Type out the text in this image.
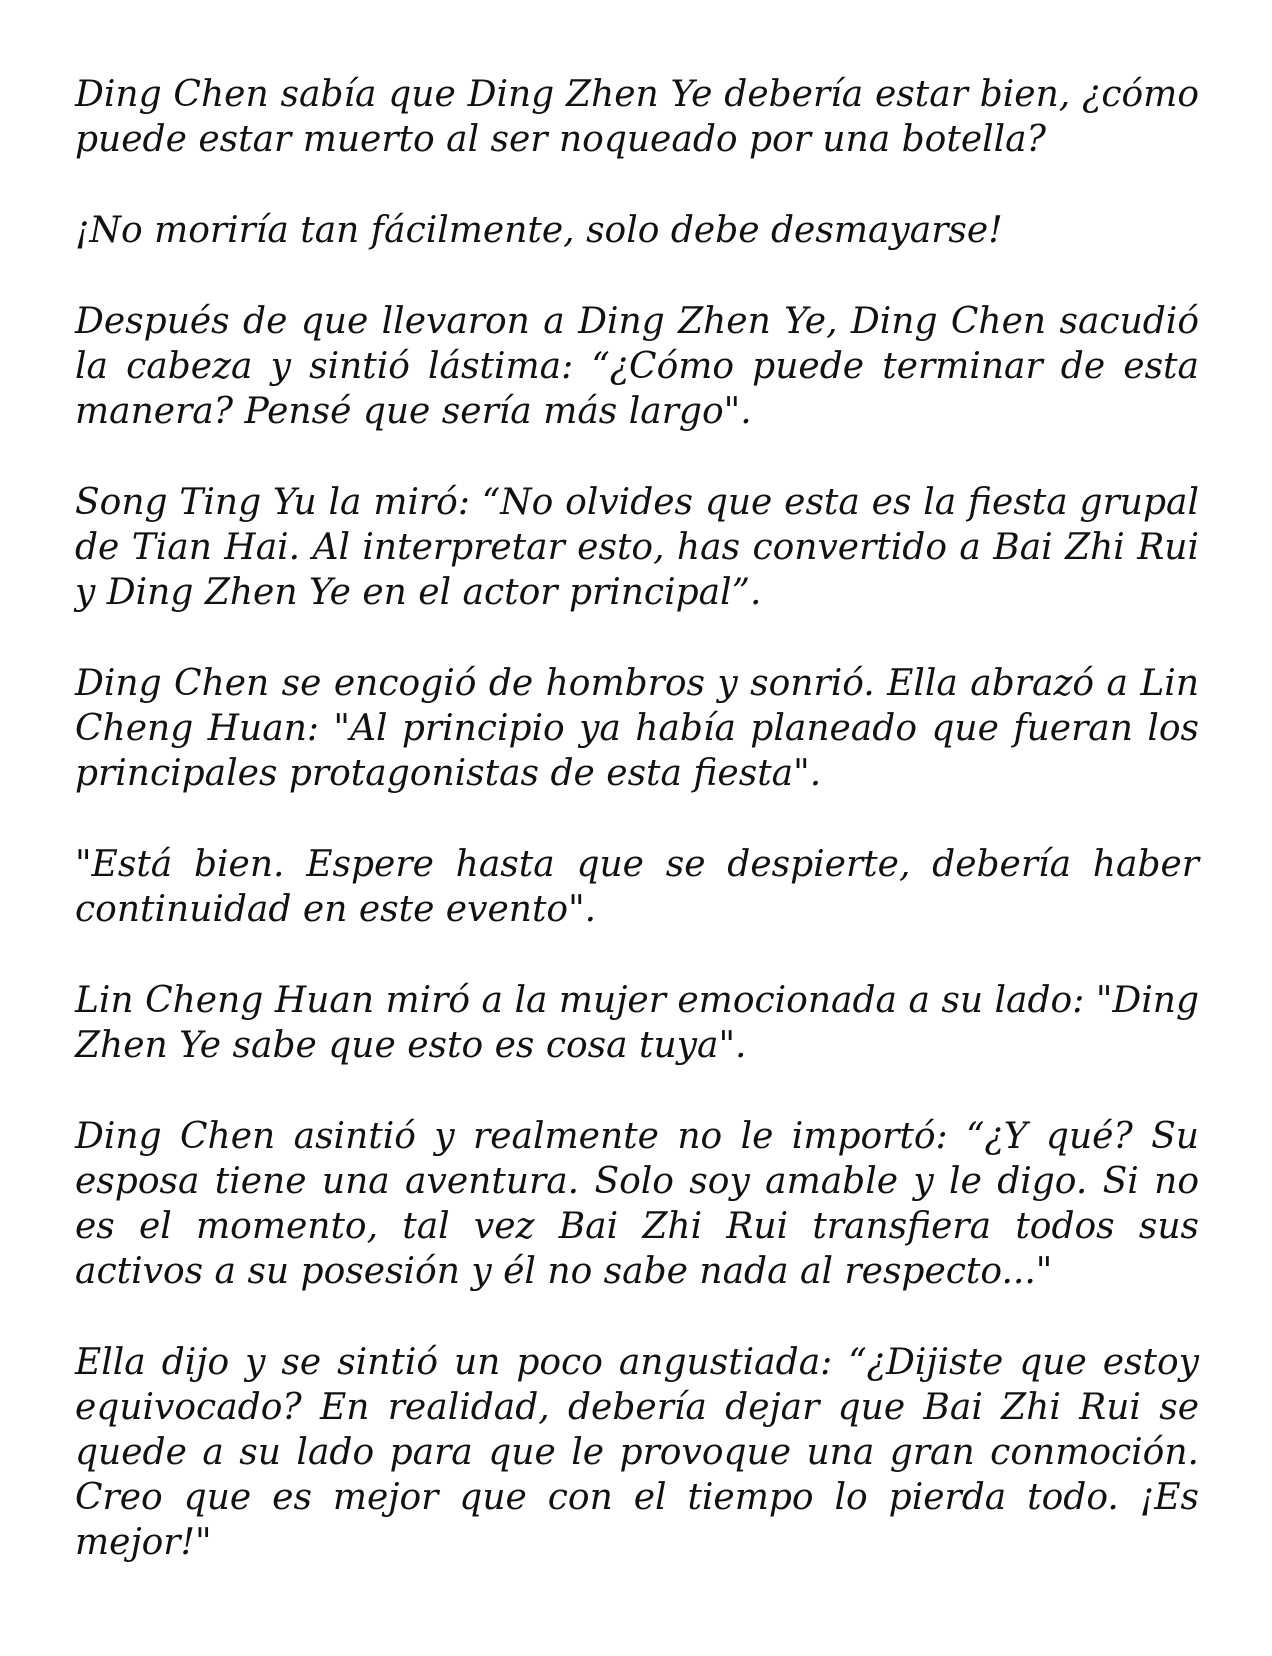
Ding Chen sabía que Ding Zhen Ye debería estar bien, ¿cómo puede estar muerto al ser noqueado por una botella?

¡No moriría tan fácilmente, solo debe desmayarse!

Después de que llevaron a Ding Zhen Ye, Ding Chen sacudió la cabeza y sintió lástima: “¿Cómo puede terminar de esta manera? Pensé que sería más largo".

Song Ting Yu la miró: “No olvides que esta es la fiesta grupal de Tian Hai. Al interpretar esto, has convertido a Bai Zhi Rui y Ding Zhen Ye en el actor principal”.

Ding Chen se encogió de hombros y sonrió. Ella abrazó a Lin Cheng Huan: "Al principio ya había planeado que fueran los principales protagonistas de esta fiesta".

"Está bien. Espere hasta que se despierte, debería haber continuidad en este evento".

Lin Cheng Huan miró a la mujer emocionada a su lado: "Ding Zhen Ye sabe que esto es cosa tuya".

Ding Chen asintió y realmente no le importó: “¿Y qué? Su esposa tiene una aventura. Solo soy amable y le digo. Si no es el momento, tal vez Bai Zhi Rui transfiera todos sus activos a su posesión y él no sabe nada al respecto..."

Ella dijo y se sintió un poco angustiada: “¿Dijiste que estoy equivocado? En realidad, debería dejar que Bai Zhi Rui se quede a su lado para que le provoque una gran conmoción. Creo que es mejor que con el tiempo lo pierda todo. ¡Es mejor!"
